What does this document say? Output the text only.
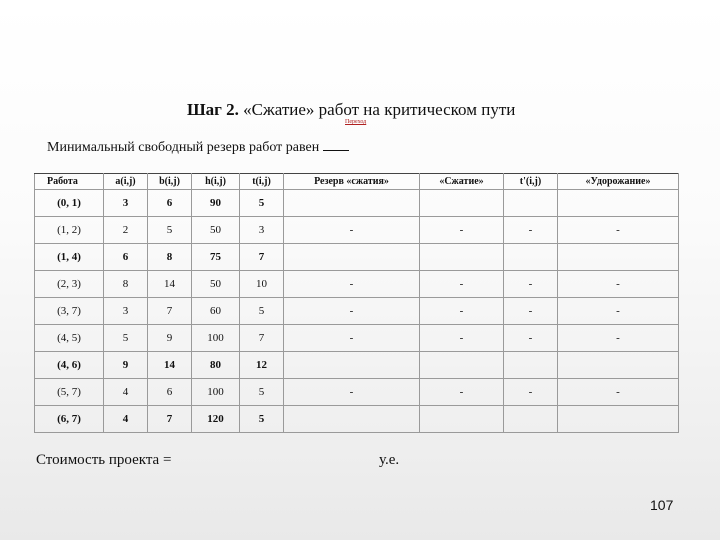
Шаг 2. «Сжатие» работ на критическом пути
Переход
Минимальный свободный резерв работ равен
Работа	a(i,j)	b(i,j)	h(i,j)	t(i,j)	Резерв «сжатия»	«Сжатие»	t'(i,j)	«Удорожание»
(0, 1)	3	6	90	5				
(1, 2)	2	5	50	3	-	-	-	-
(1, 4)	6	8	75	7				
(2, 3)	8	14	50	10	-	-	-	-
(3, 7)	3	7	60	5	-	-	-	-
(4, 5)	5	9	100	7	-	-	-	-
(4, 6)	9	14	80	12				
(5, 7)	4	6	100	5	-	-	-	-
(6, 7)	4	7	120	5				
Стоимость проекта =	у.е.
107
